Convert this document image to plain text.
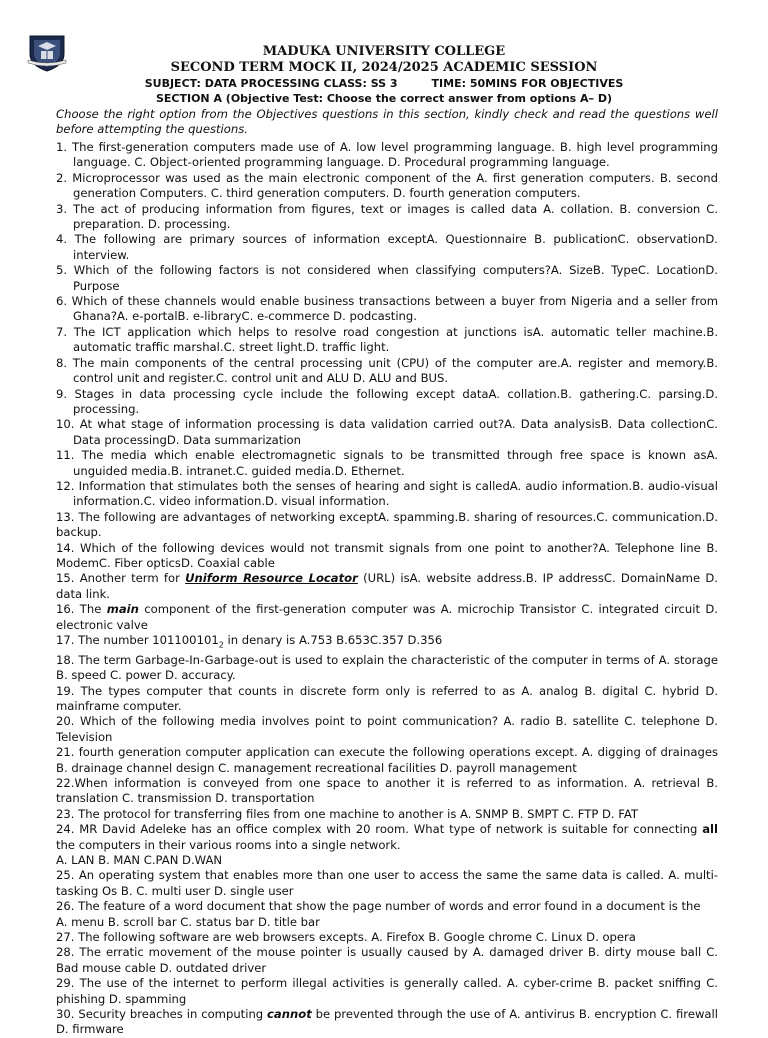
MADUKA UNIVERSITY COLLEGE
SECOND TERM MOCK II, 2024/2025 ACADEMIC SESSION
SUBJECT: DATA PROCESSING CLASS: SS 3	TIME: 50MINS FOR OBJECTIVES
SECTION A (Objective Test: Choose the correct answer from options A– D)
Choose the right option from the Objectives questions in this section, kindly check and read the questions well before attempting the questions.
1. The first-generation computers made use of A. low level programming language. B. high level programming language. C. Object-oriented programming language. D. Procedural programming language.
2. Microprocessor was used as the main electronic component of the A. first generation computers. B. second generation Computers. C. third generation computers. D. fourth generation computers.
3. The act of producing information from figures, text or images is called data A. collation. B. conversion C. preparation. D. processing.
4. The following are primary sources of information exceptA. Questionnaire B. publicationC. observationD. interview.
5. Which of the following factors is not considered when classifying computers?A. SizeB. TypeC. LocationD. Purpose
6. Which of these channels would enable business transactions between a buyer from Nigeria and a seller from Ghana?A. e-portalB. e-libraryC. e-commerce D. podcasting.
7. The ICT application which helps to resolve road congestion at junctions isA. automatic teller machine.B. automatic traffic marshal.C. street light.D. traffic light.
8. The main components of the central processing unit (CPU) of the computer are.A. register and memory.B. control unit and register.C. control unit and ALU D. ALU and BUS.
9. Stages in data processing cycle include the following except dataA. collation.B. gathering.C. parsing.D. processing.
10. At what stage of information processing is data validation carried out?A. Data analysisB. Data collectionC. Data processingD. Data summarization
11. The media which enable electromagnetic signals to be transmitted through free space is known asA. unguided media.B. intranet.C. guided media.D. Ethernet.
12. Information that stimulates both the senses of hearing and sight is calledA. audio information.B. audio-visual information.C. video information.D. visual information.
13. The following are advantages of networking exceptA. spamming.B. sharing of resources.C. communication.D. backup.
14. Which of the following devices would not transmit signals from one point to another?A. Telephone line B. ModemC. Fiber opticsD. Coaxial cable
15. Another term for Uniform Resource Locator (URL) isA. website address.B. IP addressC. DomainName D. data link.
16. The main component of the first-generation computer was A. microchip Transistor C. integrated circuit D. electronic valve
17. The number $101100101_2$ in denary is A.753 B.653C.357 D.356
18. The term Garbage-In-Garbage-out is used to explain the characteristic of the computer in terms of A. storage B. speed C. power D. accuracy.
19. The types computer that counts in discrete form only is referred to as A. analog B. digital C. hybrid D. mainframe computer.
20. Which of the following media involves point to point communication? A. radio B. satellite C. telephone D. Television
21. fourth generation computer application can execute the following operations except. A. digging of drainages B. drainage channel design C. management recreational facilities D. payroll management
22.When information is conveyed from one space to another it is referred to as information. A. retrieval B. translation C. transmission D. transportation
23. The protocol for transferring files from one machine to another is A. SNMP B. SMPT C. FTP D. FAT
24. MR David Adeleke has an office complex with 20 room. What type of network is suitable for connecting all the computers in their various rooms into a single network.
A. LAN B. MAN C.PAN D.WAN
25. An operating system that enables more than one user to access the same the same data is called. A. multi-tasking Os B. C. multi user D. single user
26. The feature of a word document that show the page number of words and error found in a document is the
A. menu B. scroll bar C. status bar D. title bar
27. The following software are web browsers excepts. A. Firefox B. Google chrome C. Linux D. opera
28. The erratic movement of the mouse pointer is usually caused by A. damaged driver B. dirty mouse ball C. Bad mouse cable D. outdated driver
29. The use of the internet to perform illegal activities is generally called. A. cyber-crime B. packet sniffing C. phishing D. spamming
30. Security breaches in computing cannot be prevented through the use of A. antivirus B. encryption C. firewall D. firmware
